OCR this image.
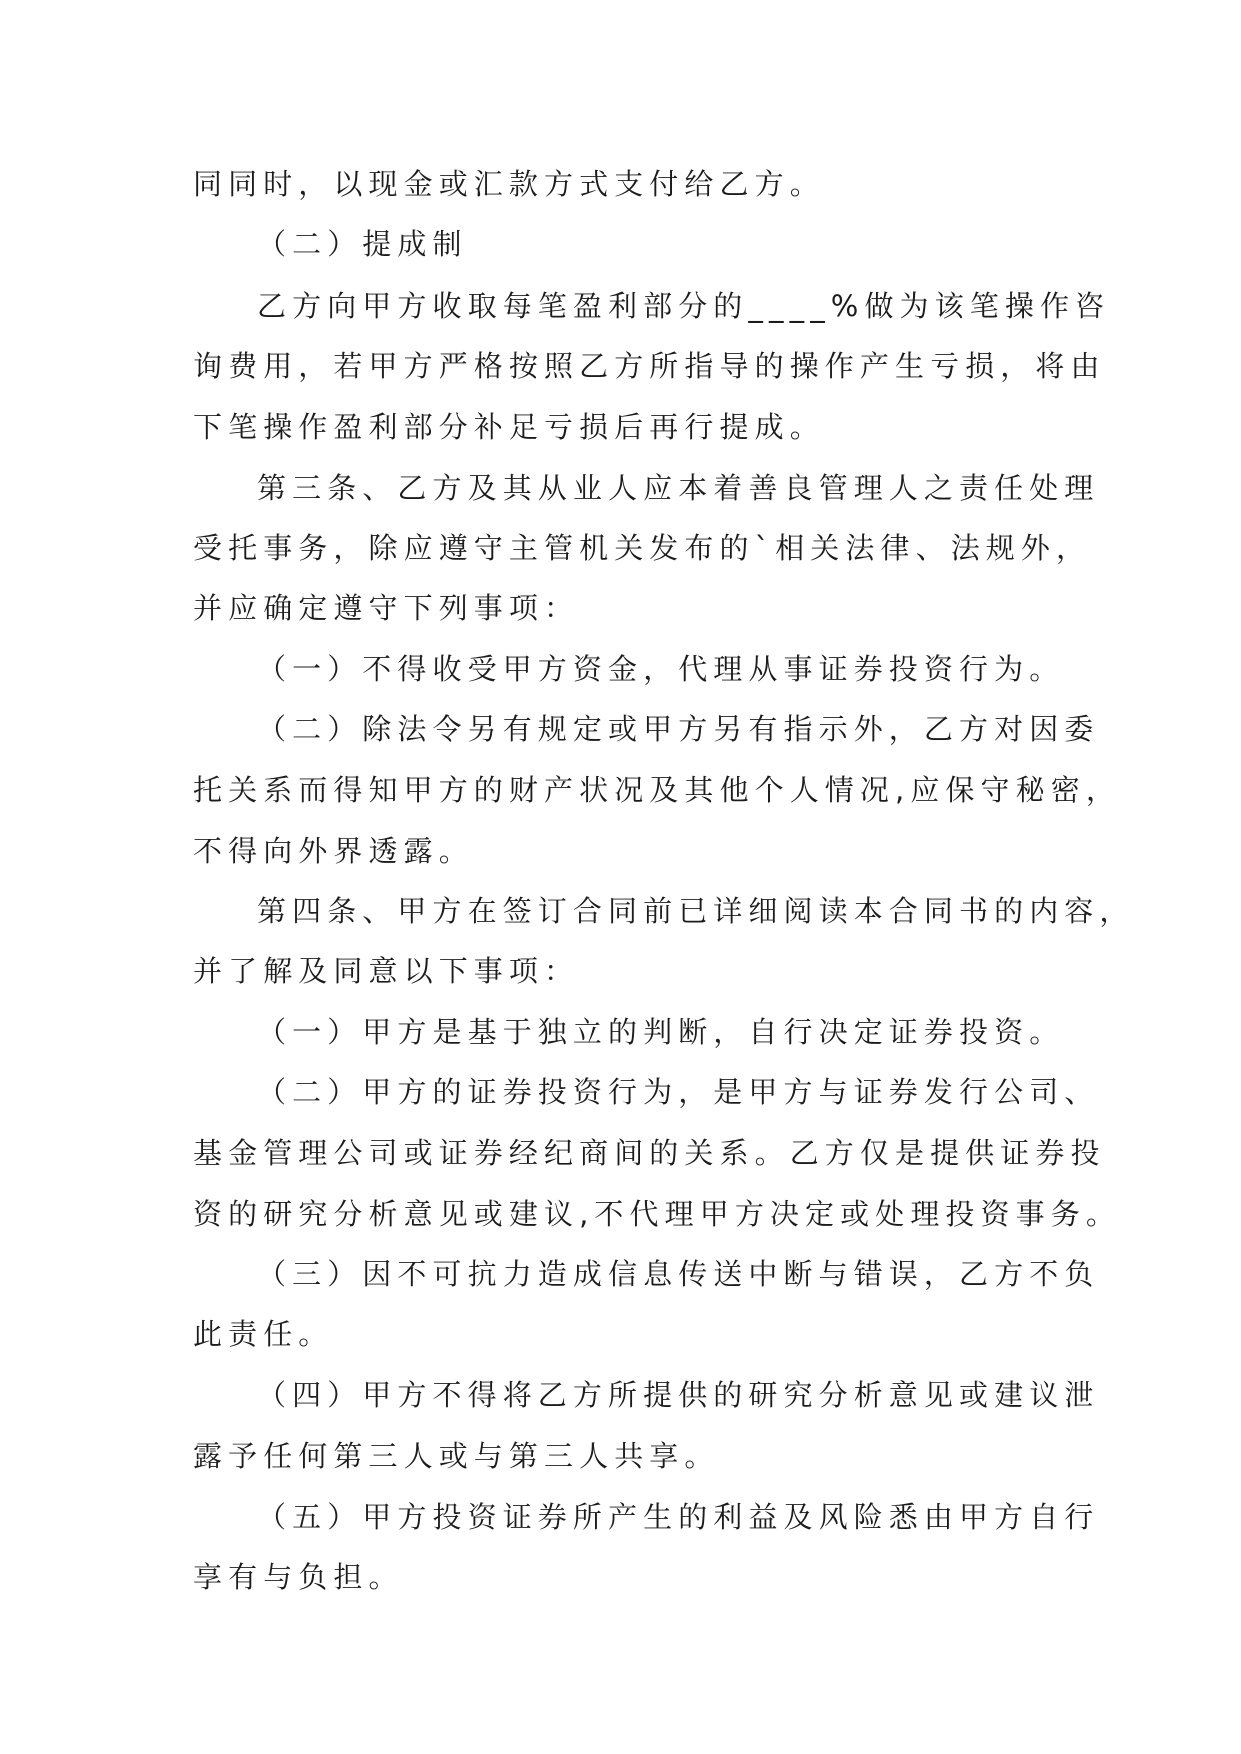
同同时，以现金或汇款方式支付给乙方。
（二）提成制
乙方向甲方收取每笔盈利部分的____%做为该笔操作咨
询费用，若甲方严格按照乙方所指导的操作产生亏损，将由
下笔操作盈利部分补足亏损后再行提成。
第三条、乙方及其从业人应本着善良管理人之责任处理
受托事务，除应遵守主管机关发布的`相关法律、法规外，
并应确定遵守下列事项：
（一）不得收受甲方资金，代理从事证券投资行为。
（二）除法令另有规定或甲方另有指示外，乙方对因委
托关系而得知甲方的财产状况及其他个人情况,应保守秘密，
不得向外界透露。
第四条、甲方在签订合同前已详细阅读本合同书的内容，
并了解及同意以下事项：
（一）甲方是基于独立的判断，自行决定证券投资。
（二）甲方的证券投资行为，是甲方与证券发行公司、
基金管理公司或证券经纪商间的关系。乙方仅是提供证券投
资的研究分析意见或建议,不代理甲方决定或处理投资事务。
（三）因不可抗力造成信息传送中断与错误，乙方不负
此责任。
（四）甲方不得将乙方所提供的研究分析意见或建议泄
露予任何第三人或与第三人共享。
（五）甲方投资证券所产生的利益及风险悉由甲方自行
享有与负担。
